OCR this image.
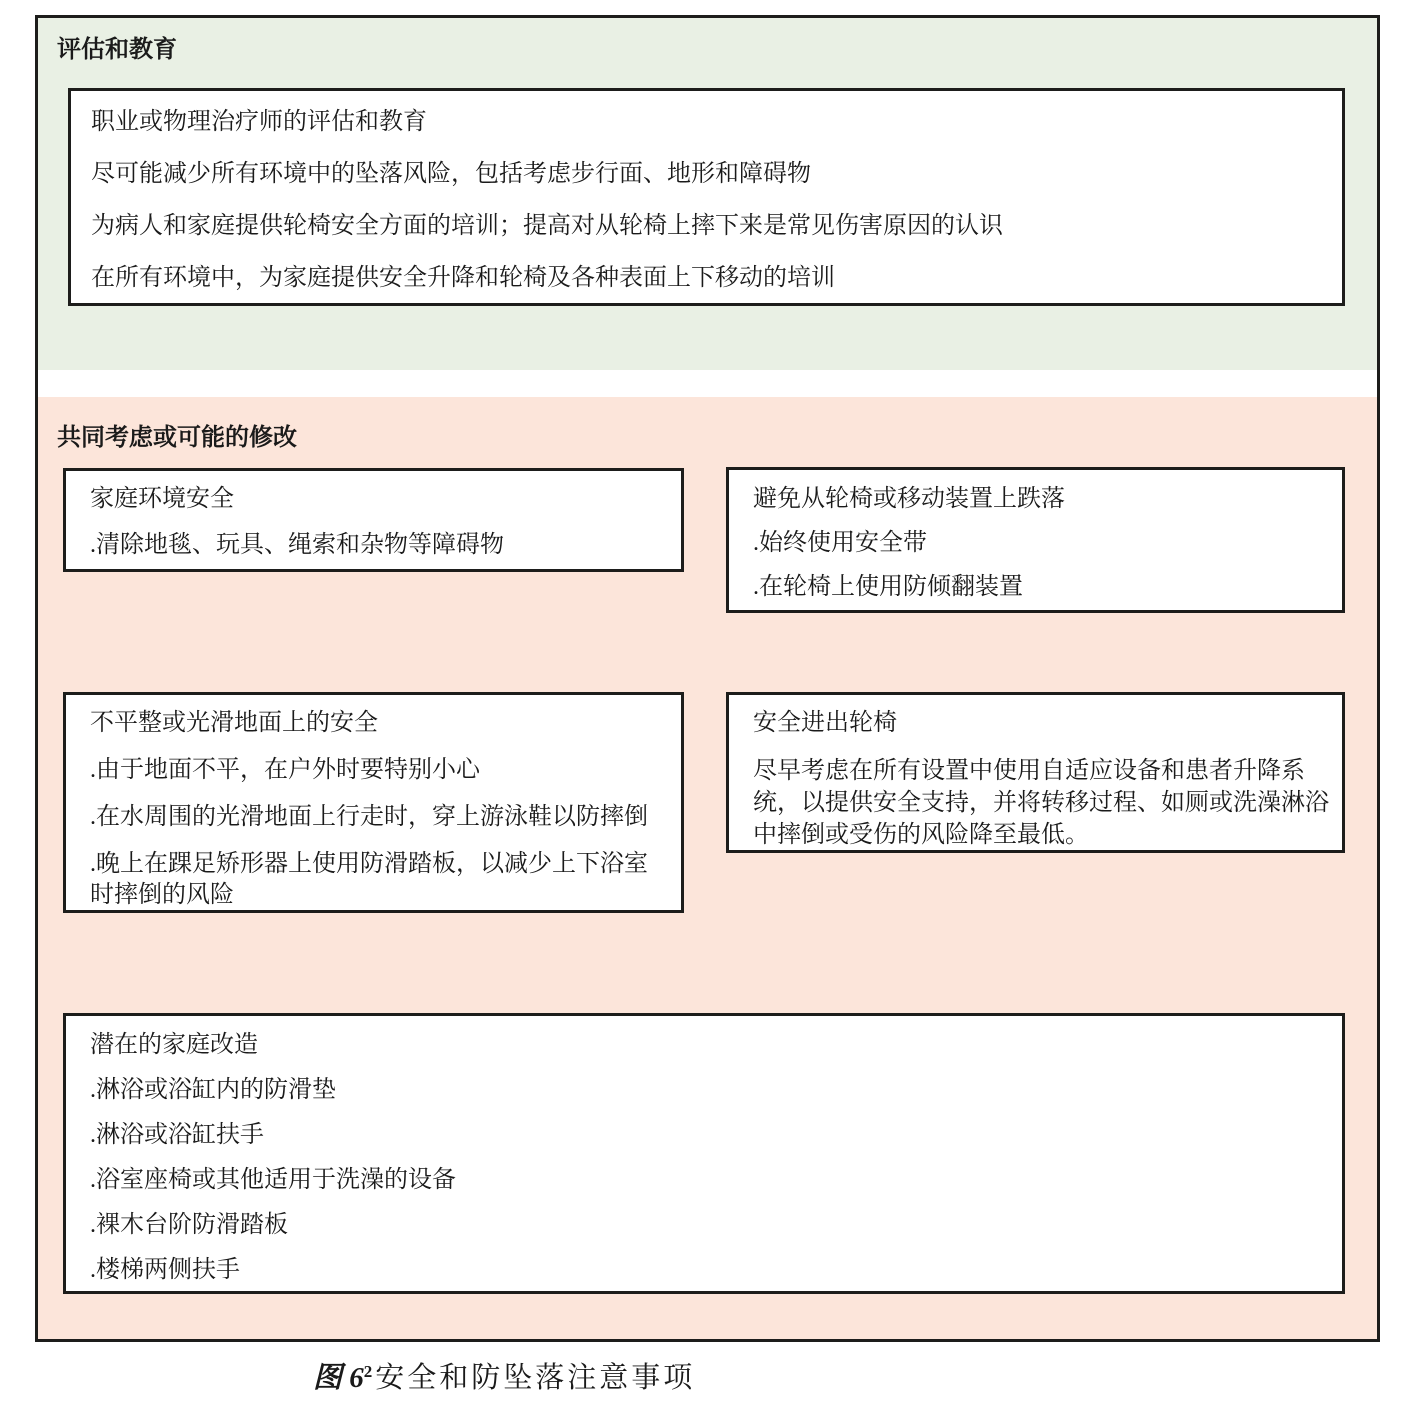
评估和教育

职业或物理治疗师的评估和教育

尽可能减少所有环境中的坠落风险，包括考虑步行面、地形和障碍物

为病人和家庭提供轮椅安全方面的培训；提高对从轮椅上摔下来是常见伤害原因的认识

在所有环境中，为家庭提供安全升降和轮椅及各种表面上下移动的培训

共同考虑或可能的修改

家庭环境安全

.清除地毯、玩具、绳索和杂物等障碍物

避免从轮椅或移动装置上跌落

.始终使用安全带

.在轮椅上使用防倾翻装置

不平整或光滑地面上的安全

.由于地面不平，在户外时要特别小心

.在水周围的光滑地面上行走时，穿上游泳鞋以防摔倒

.晚上在踝足矫形器上使用防滑踏板，以减少上下浴室时摔倒的风险

安全进出轮椅

尽早考虑在所有设置中使用自适应设备和患者升降系统，以提供安全支持，并将转移过程、如厕或洗澡淋浴中摔倒或受伤的风险降至最低。

潜在的家庭改造

.淋浴或浴缸内的防滑垫

.淋浴或浴缸扶手

.浴室座椅或其他适用于洗澡的设备

.裸木台阶防滑踏板

.楼梯两侧扶手

图 $6^2$ 安全和防坠落注意事项
